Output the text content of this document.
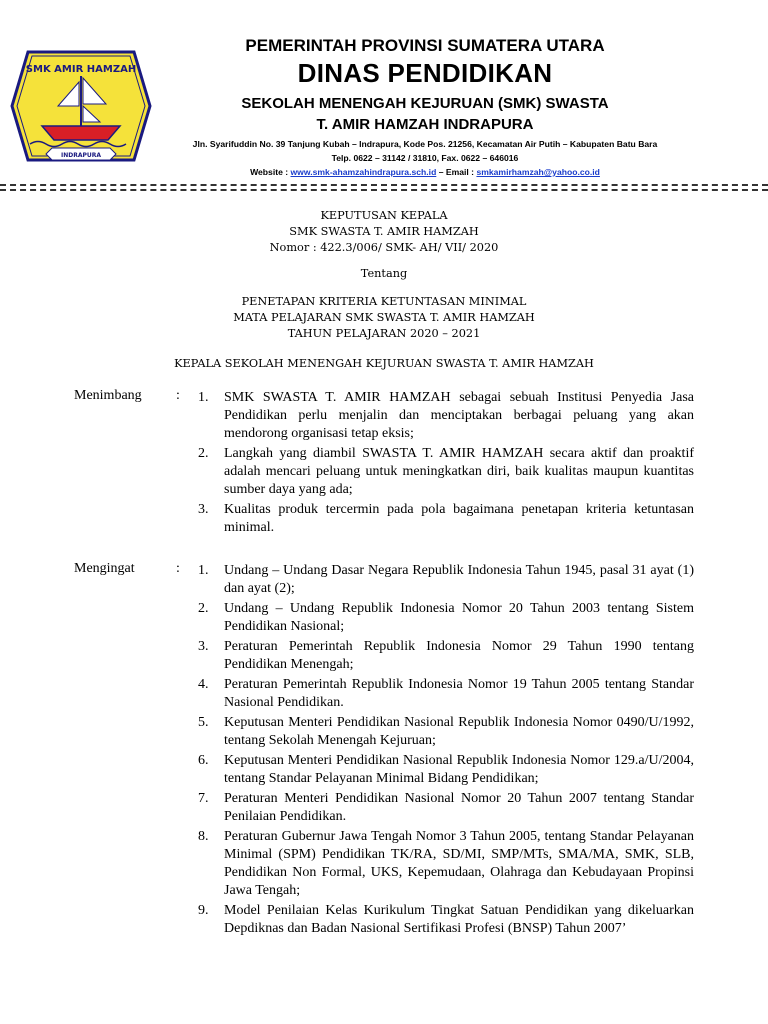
SMK AMIR HAMZAH
INDRAPURA
PEMERINTAH PROVINSI SUMATERA UTARA
DINAS PENDIDIKAN
SEKOLAH MENENGAH KEJURUAN (SMK) SWASTA
T. AMIR HAMZAH INDRAPURA
Jln. Syarifuddin No. 39 Tanjung Kubah – Indrapura, Kode Pos. 21256, Kecamatan Air Putih – Kabupaten Batu Bara
Telp. 0622 – 31142 / 31810, Fax. 0622 – 646016
Website : www.smk-ahamzahindrapura.sch.id – Email : smkamirhamzah@yahoo.co.id
KEPUTUSAN KEPALA
SMK SWASTA T. AMIR HAMZAH
Nomor : 422.3/006/ SMK- AH/ VII/ 2020
Tentang
PENETAPAN KRITERIA KETUNTASAN MINIMAL
MATA PELAJARAN SMK SWASTA T. AMIR HAMZAH
TAHUN PELAJARAN 2020 – 2021
KEPALA SEKOLAH MENENGAH KEJURUAN SWASTA T. AMIR HAMZAH
Menimbang : 1. SMK SWASTA T. AMIR HAMZAH sebagai sebuah Institusi Penyedia Jasa Pendidikan perlu menjalin dan menciptakan berbagai peluang yang akan mendorong organisasi tetap eksis;
2. Langkah yang diambil SWASTA T. AMIR HAMZAH secara aktif dan proaktif adalah mencari peluang untuk meningkatkan diri, baik kualitas maupun kuantitas sumber daya yang ada;
3. Kualitas produk tercermin pada pola bagaimana penetapan kriteria ketuntasan minimal.
Mengingat	: 1. Undang – Undang Dasar Negara Republik Indonesia Tahun 1945, pasal 31 ayat (1) dan ayat (2);
2. Undang – Undang Republik Indonesia Nomor 20 Tahun 2003 tentang Sistem Pendidikan Nasional;
3. Peraturan Pemerintah Republik Indonesia Nomor 29 Tahun 1990 tentang Pendidikan Menengah;
4. Peraturan Pemerintah Republik Indonesia Nomor 19 Tahun 2005 tentang Standar Nasional Pendidikan.
5. Keputusan Menteri Pendidikan Nasional Republik Indonesia Nomor 0490/U/1992, tentang Sekolah Menengah Kejuruan;
6. Keputusan Menteri Pendidikan Nasional Republik Indonesia Nomor 129.a/U/2004, tentang Standar Pelayanan Minimal Bidang Pendidikan;
7. Peraturan Menteri Pendidikan Nasional Nomor 20 Tahun 2007 tentang Standar Penilaian Pendidikan.
8. Peraturan Gubernur Jawa Tengah Nomor 3 Tahun 2005, tentang Standar Pelayanan Minimal (SPM) Pendidikan TK/RA, SD/MI, SMP/MTs, SMA/MA, SMK, SLB, Pendidikan Non Formal, UKS, Kepemudaan, Olahraga dan Kebudayaan Propinsi Jawa Tengah;
9. Model Penilaian Kelas Kurikulum Tingkat Satuan Pendidikan yang dikeluarkan Depdiknas dan Badan Nasional Sertifikasi Profesi (BNSP) Tahun 2007’
